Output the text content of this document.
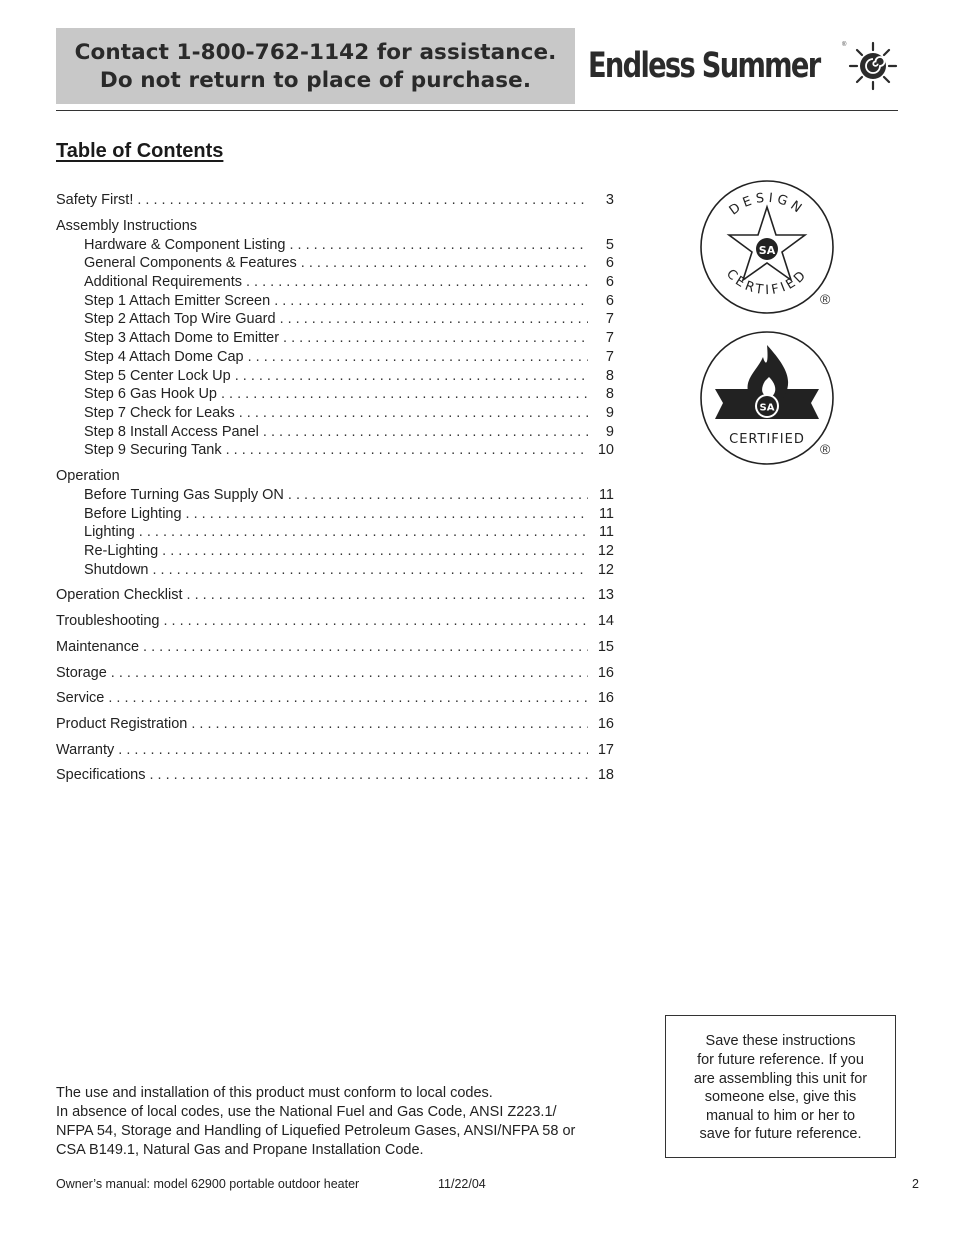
Contact 1-800-762-1142 for assistance.
Do not return to place of purchase.	Endless Summer
®
Table of Contents
Safety First! . . .	3
Assembly Instructions
Hardware & Component Listing . . .	5
General Components & Features . . .	6
Additional Requirements . . .	6
Step 1 Attach Emitter Screen . . .	6
Step 2 Attach Top Wire Guard . . .	7
Step 3 Attach Dome to Emitter . . .	7
Step 4 Attach Dome Cap . . .	7
Step 5 Center Lock Up . . .	8
Step 6 Gas Hook Up . . .	8
Step 7 Check for Leaks . . .	9
Step 8 Install Access Panel . . .	9
Step 9 Securing Tank . . .	10
Operation
Before Turning Gas Supply ON . . .	11
Before Lighting . . .	11
Lighting . . .	11
Re-Lighting . . .	12
Shutdown . . .	12
Operation Checklist . . .	13
Troubleshooting . . .	14
Maintenance . . .	15
Storage . . .	16
Service . . .	16
Product Registration . . .	16
Warranty . . .	17
Specifications . . .	18
SA
DESIGN
CERTIFIED
®
SA
CERTIFIED
®
Save these instructions
for future reference. If you
are assembling this unit for
someone else, give this
manual to him or her to
save for future reference.
The use and installation of this product must conform to local codes.
In absence of local codes, use the National Fuel and Gas Code, ANSI Z223.1/
NFPA 54, Storage and Handling of Liquefied Petroleum Gases, ANSI/NFPA 58 or
CSA B149.1, Natural Gas and Propane Installation Code.
Owner’s manual: model 62900 portable outdoor heater	11/22/04	2
